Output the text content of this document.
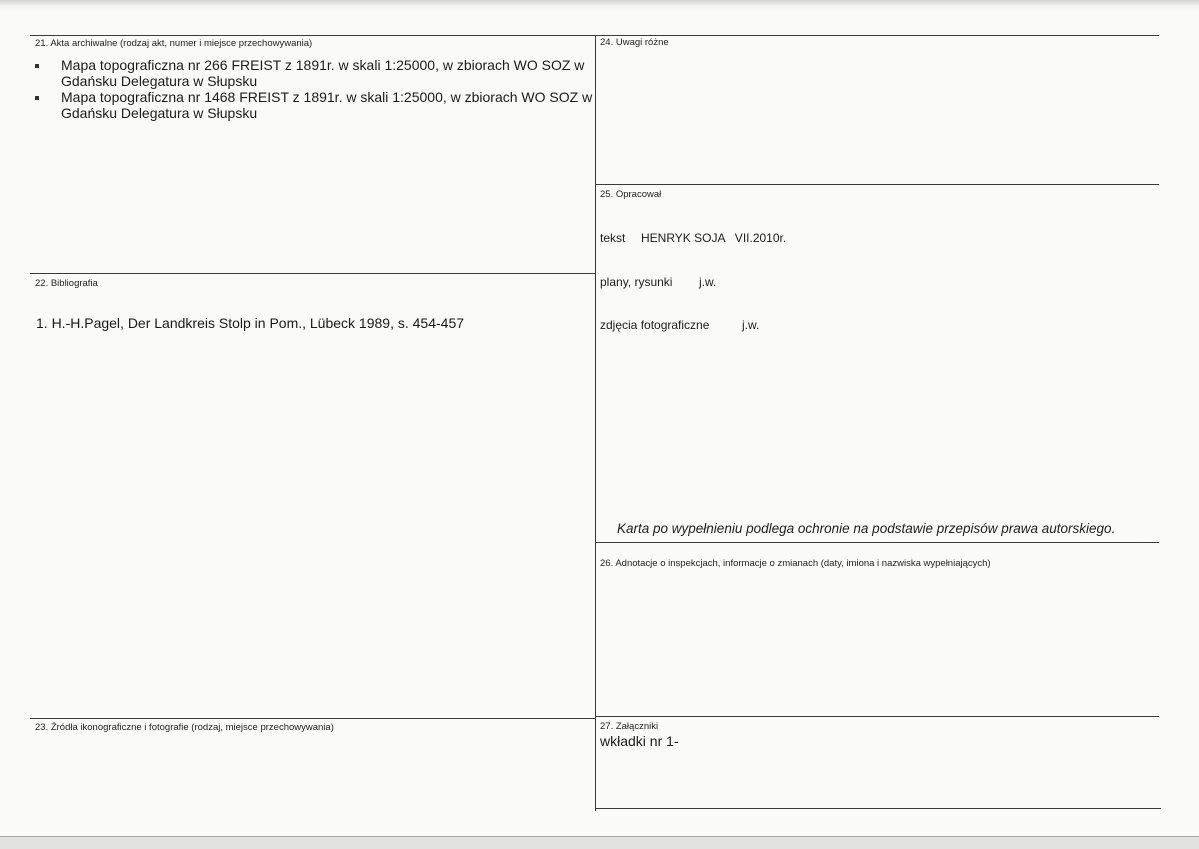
21. Akta archiwalne (rodzaj akt, numer i miejsce przechowywania)
Mapa topograficzna nr 266 FREIST z 1891r. w skali 1:25000, w zbiorach WO SOZ w Gdańsku Delegatura w Słupsku
Mapa topograficzna nr 1468 FREIST z 1891r. w skali 1:25000, w zbiorach WO SOZ w Gdańsku Delegatura w Słupsku
22. Bibliografia
1. H.-H.Pagel, Der Landkreis Stolp in Pom., Lübeck 1989, s. 454-457
23. Źródła ikonograficzne i fotografie (rodzaj, miejsce przechowywania)
24. Uwagi różne
25. Opracował
tekst HENRYK SOJA   VII.2010r.
plany, rysunki j.w.
zdjęcia fotograficzne	j.w.
Karta po wypełnieniu podlega ochronie na podstawie przepisów prawa autorskiego.
26. Adnotacje o inspekcjach, informacje o zmianach (daty, imiona i nazwiska wypełniających)
27. Załączniki
wkładki nr 1-
